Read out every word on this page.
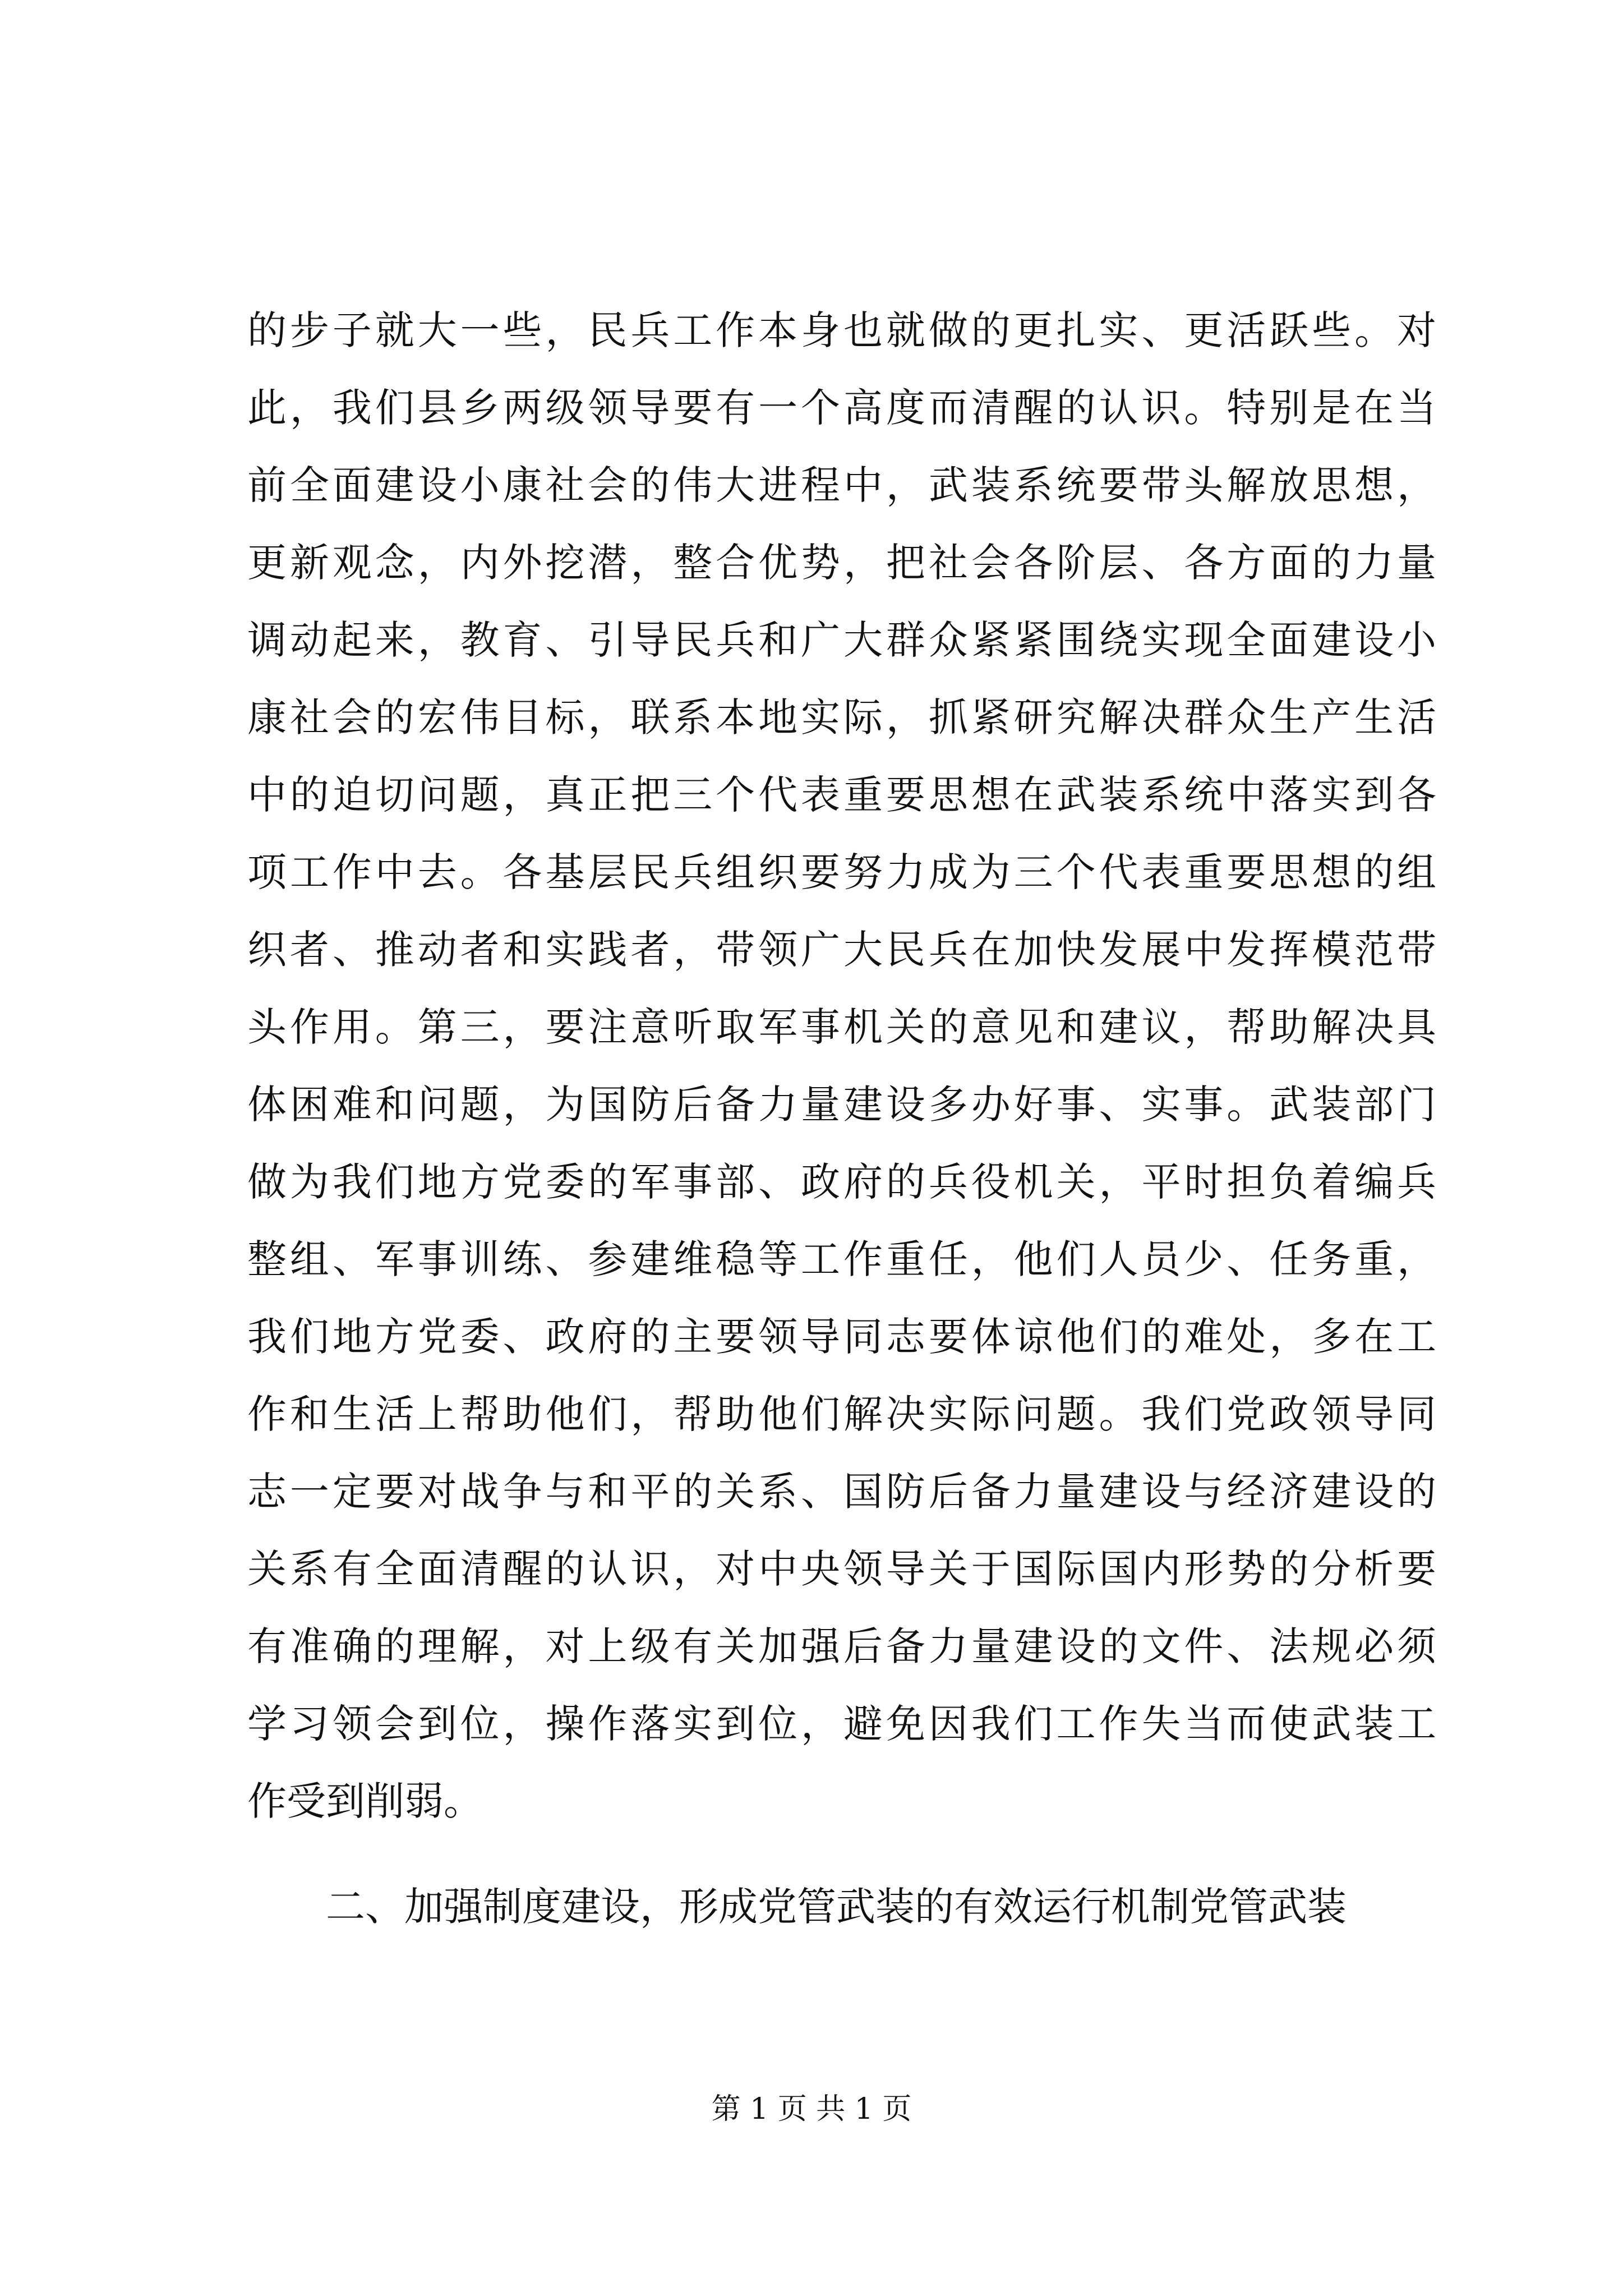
的步子就大一些，民兵工作本身也就做的更扎实、更活跃些。对
此，我们县乡两级领导要有一个高度而清醒的认识。特别是在当
前全面建设小康社会的伟大进程中，武装系统要带头解放思想，
更新观念，内外挖潜，整合优势，把社会各阶层、各方面的力量
调动起来，教育、引导民兵和广大群众紧紧围绕实现全面建设小
康社会的宏伟目标，联系本地实际，抓紧研究解决群众生产生活
中的迫切问题，真正把三个代表重要思想在武装系统中落实到各
项工作中去。各基层民兵组织要努力成为三个代表重要思想的组
织者、推动者和实践者，带领广大民兵在加快发展中发挥模范带
头作用。第三，要注意听取军事机关的意见和建议，帮助解决具
体困难和问题，为国防后备力量建设多办好事、实事。武装部门
做为我们地方党委的军事部、政府的兵役机关，平时担负着编兵
整组、军事训练、参建维稳等工作重任，他们人员少、任务重，
我们地方党委、政府的主要领导同志要体谅他们的难处，多在工
作和生活上帮助他们，帮助他们解决实际问题。我们党政领导同
志一定要对战争与和平的关系、国防后备力量建设与经济建设的
关系有全面清醒的认识，对中央领导关于国际国内形势的分析要
有准确的理解，对上级有关加强后备力量建设的文件、法规必须
学习领会到位，操作落实到位，避免因我们工作失当而使武装工
作受到削弱。
二、加强制度建设，形成党管武装的有效运行机制党管武装
第 1 页 共 1 页
